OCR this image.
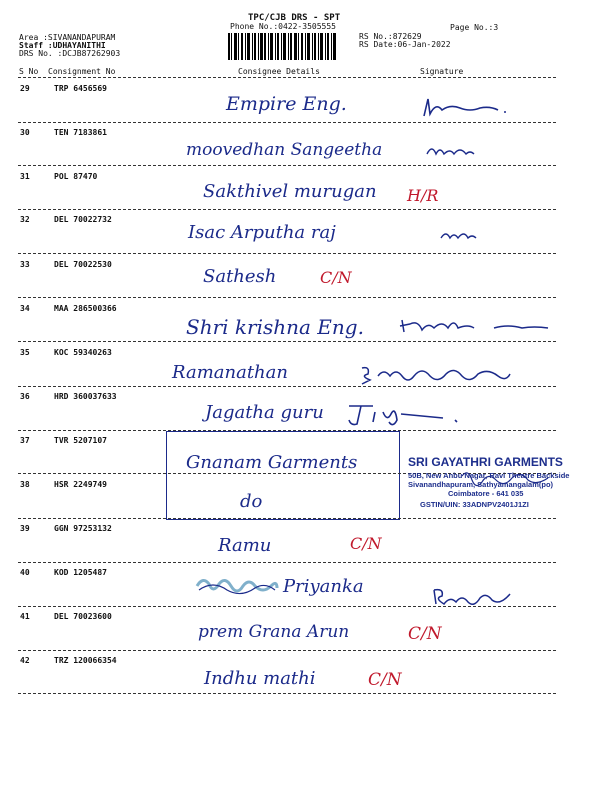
TPC/CJB DRS - SPT
Phone No.:0422-3505555	Page No.:3
Area :SIVANANDAPURAM
Staff :UDHAYANITHI
DRS No. :DCJB87262903
RS No.:872629
RS Date:06-Jan-2022
S No Consignment No	Consignee Details	Signature
29	TRP 6456569
Empire Eng.
30	TEN 7183861
moovedhan Sangeetha
31	POL 87470
Sakthivel murugan H/R
32	DEL 70022732
Isac Arputha raj
33	DEL 70022530
Sathesh	C/N
34	MAA 286500366
Shri krishna Eng.
35	KOC 59340263
Ramanathan
36	HRD 360037633
Jagatha guru
37	TVR 5207107
Gnanam Garments
38	HSR 2249749
do
SRI GAYATHRI GARMENTS
50B, New Anbu Nagar, Ravi Theatre Backside
Sivanandhapuram, Sathyamangalam(po)
Coimbatore - 641 035
GSTIN/UIN: 33ADNPV2401J1ZI
39	GGN 97253132
Ramu	C/N
40	KOD 1205487
Priyanka
41	DEL 70023600
prem Grana Arun	C/N
42	TRZ 120066354
Indhu mathi	C/N
